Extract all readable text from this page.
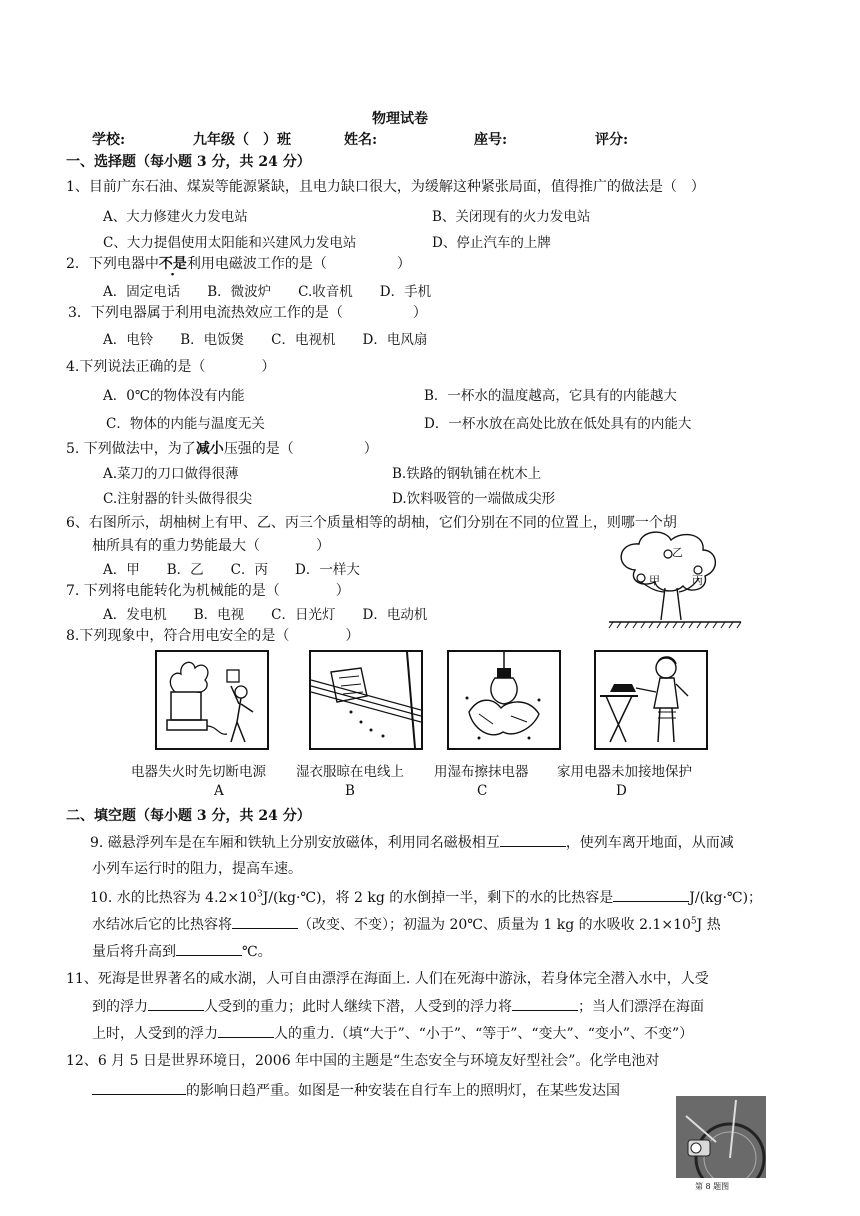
物理试卷
学校:	九年级（　）班	姓名:	座号:	评分:
一、选择题（每小题 3 分，共 24 分）
1、目前广东石油、煤炭等能源紧缺，且电力缺口很大，为缓解这种紧张局面，值得推广的做法是（　）
A、大力修建火力发电站	B、关闭现有的火力发电站
C、大力提倡使用太阳能和兴建风力发电站	D、停止汽车的上牌
2．下列电器中不是利用电磁波工作的是（　　　　　）
A．固定电话　　B．微波炉　　C.收音机　　D．手机
3．下列电器属于利用电流热效应工作的是（　　　　　）
A．电铃　　B．电饭煲　　C．电视机　　D．电风扇
4.下列说法正确的是（　　　　）
A．0℃的物体没有内能	B．一杯水的温度越高，它具有的内能越大
C．物体的内能与温度无关	D．一杯水放在高处比放在低处具有的内能大
5. 下列做法中，为了减小压强的是（　　　　　）
A.菜刀的刀口做得很薄	B.铁路的钢轨铺在枕木上
C.注射器的针头做得很尖	D.饮料吸管的一端做成尖形
6、右图所示，胡柚树上有甲、乙、丙三个质量相等的胡柚，它们分别在不同的位置上，则哪一个胡
柚所具有的重力势能最大（　　　　）
A．甲　　B．乙　　C．丙　　D．一样大
甲
乙
丙
7. 下列将电能转化为机械能的是（　　　　）
A．发电机　　B．电视　　C．日光灯　　D．电动机
8.下列现象中，符合用电安全的是（　　　　）
电器失火时先切断电源 湿衣服晾在电线上 用湿布擦抹电器 家用电器未加接地保护
A	B	C	D
二、填空题（每小题 3 分，共 24 分）
9. 磁悬浮列车是在车厢和铁轨上分别安放磁体，利用同名磁极相互	，使列车离开地面，从而减
小列车运行时的阻力，提高车速。
10. 水的比热容为 $4.2\times 10^3J/(kg\cdot℃)$，将 2 kg 的水倒掉一半，剩下的水的比热容是	J/(kg·℃)；
水结冰后它的比热容将	（改变、不变）；初温为 20℃、质量为 1 kg 的水吸收 $2.1\times 10^5J$ 热
量后将升高到	℃。
11、死海是世界著名的咸水湖，人可自由漂浮在海面上. 人们在死海中游泳，若身体完全潜入水中，人受
到的浮力	人受到的重力；此时人继续下潜，人受到的浮力将	；当人们漂浮在海面
上时，人受到的浮力	人的重力.（填“大于”、“小于”、“等于”、“变大”、“变小”、不变”）
12、6 月 5 日是世界环境日，2006 年中国的主题是“生态安全与环境友好型社会”。化学电池对
的影响日趋严重。如图是一种安装在自行车上的照明灯，在某些发达国
第 8 题图
